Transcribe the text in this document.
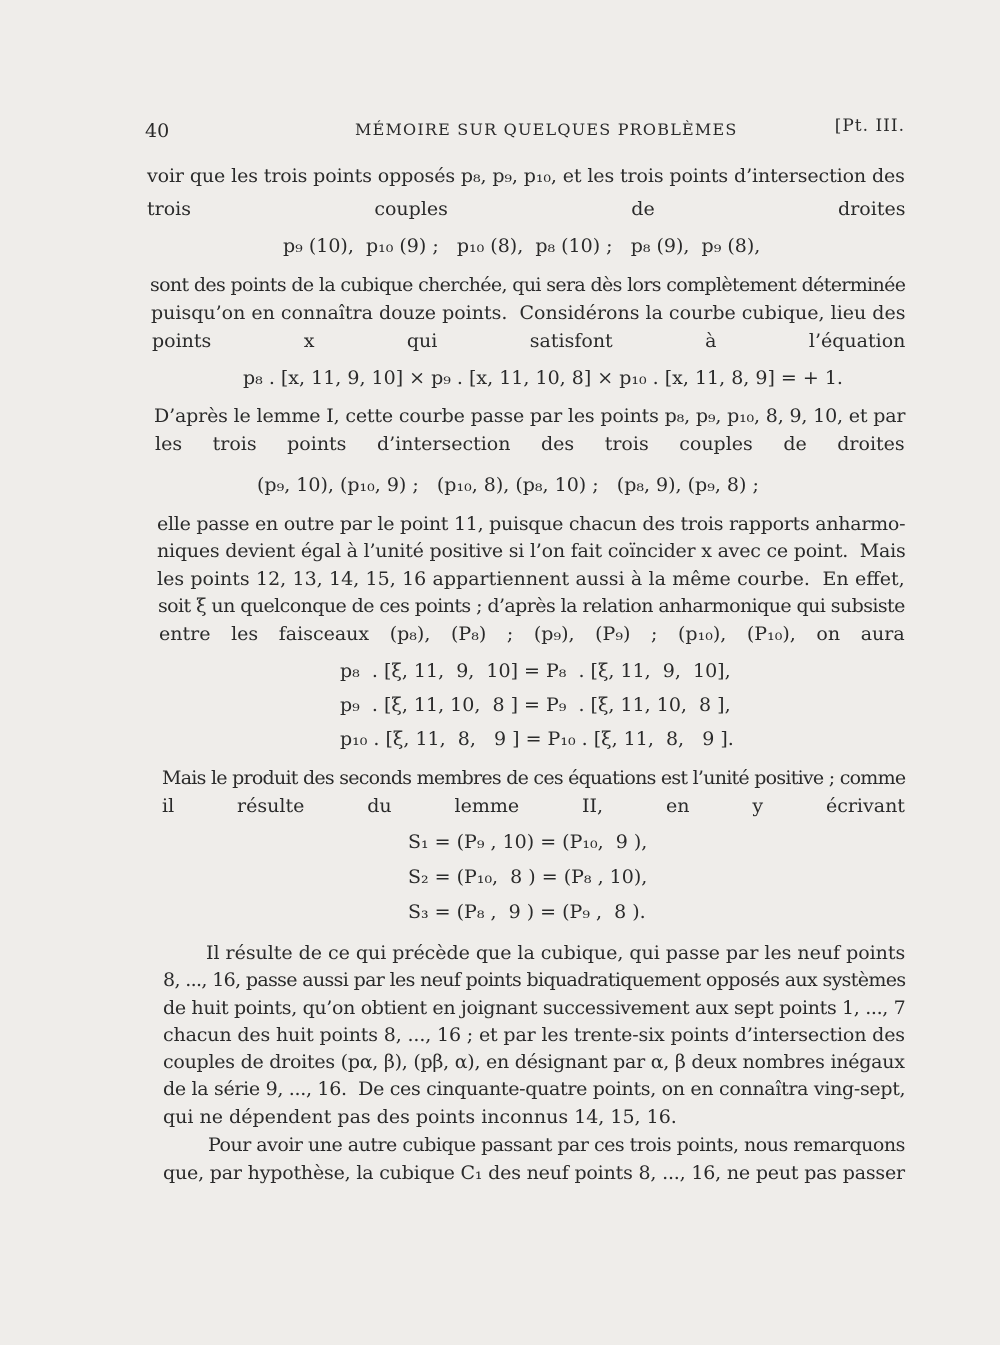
40	MÉMOIRE SUR QUELQUES PROBLÈMES	[Pt. III.
voir que les trois points opposés p₈, p₉, p₁₀, et les trois points d’intersection des
trois couples de droites
p₉ (10),  p₁₀ (9) ;   p₁₀ (8),  p₈ (10) ;   p₈ (9),  p₉ (8),
sont des points de la cubique cherchée, qui sera dès lors complètement déterminée
puisqu’on en connaîtra douze points.  Considérons la courbe cubique, lieu des
points x qui satisfont à l’équation
p₈ . [x, 11, 9, 10] × p₉ . [x, 11, 10, 8] × p₁₀ . [x, 11, 8, 9] = + 1.
D’après le lemme I, cette courbe passe par les points p₈, p₉, p₁₀, 8, 9, 10, et par
les trois points d’intersection des trois couples de droites
(p₉, 10), (p₁₀, 9) ;   (p₁₀, 8), (p₈, 10) ;   (p₈, 9), (p₉, 8) ;
elle passe en outre par le point 11, puisque chacun des trois rapports anharmo-
niques devient égal à l’unité positive si l’on fait coïncider x avec ce point.  Mais
les points 12, 13, 14, 15, 16 appartiennent aussi à la même courbe.  En effet,
soit ξ un quelconque de ces points ; d’après la relation anharmonique qui subsiste
entre les faisceaux (p₈), (P₈) ; (p₉), (P₉) ; (p₁₀), (P₁₀), on aura
p₈  . [ξ, 11,  9,  10] = P₈  . [ξ, 11,  9,  10],
p₉  . [ξ, 11, 10,  8 ] = P₉  . [ξ, 11, 10,  8 ],
p₁₀ . [ξ, 11,  8,   9 ] = P₁₀ . [ξ, 11,  8,   9 ].
Mais le produit des seconds membres de ces équations est l’unité positive ; comme
il résulte du lemme II, en y écrivant
S₁ = (P₉ , 10) = (P₁₀,  9 ),
S₂ = (P₁₀,  8 ) = (P₈ , 10),
S₃ = (P₈ ,  9 ) = (P₉ ,  8 ).
Il résulte de ce qui précède que la cubique, qui passe par les neuf points
8, ..., 16, passe aussi par les neuf points biquadratiquement opposés aux systèmes
de huit points, qu’on obtient en joignant successivement aux sept points 1, ..., 7
chacun des huit points 8, ..., 16 ; et par les trente-six points d’intersection des
couples de droites (pα, β), (pβ, α), en désignant par α, β deux nombres inégaux
de la série 9, ..., 16.  De ces cinquante-quatre points, on en connaîtra ving-sept,
qui ne dépendent pas des points inconnus 14, 15, 16.
Pour avoir une autre cubique passant par ces trois points, nous remarquons
que, par hypothèse, la cubique C₁ des neuf points 8, ..., 16, ne peut pas passer
